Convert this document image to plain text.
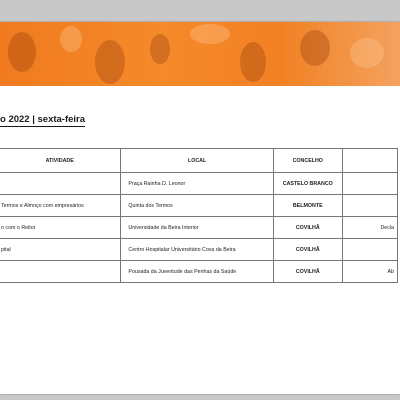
o 2022 | sexta-feira
ATIVIDADE	LOCAL	CONCELHO	
	Praça Rainha D. Leonor	CASTELO BRANCO	
Termos e Almoço com empresários	Quinta dos Termos	BELMONTE	
o com o Reitor	Universidade da Beira Interior	COVILHÃ	Decla
pital	Centro Hospitalar Universitário Cova da Beira	COVILHÃ	
	Pousada da Juventude das Penhas da Saúde	COVILHÃ	Ab
